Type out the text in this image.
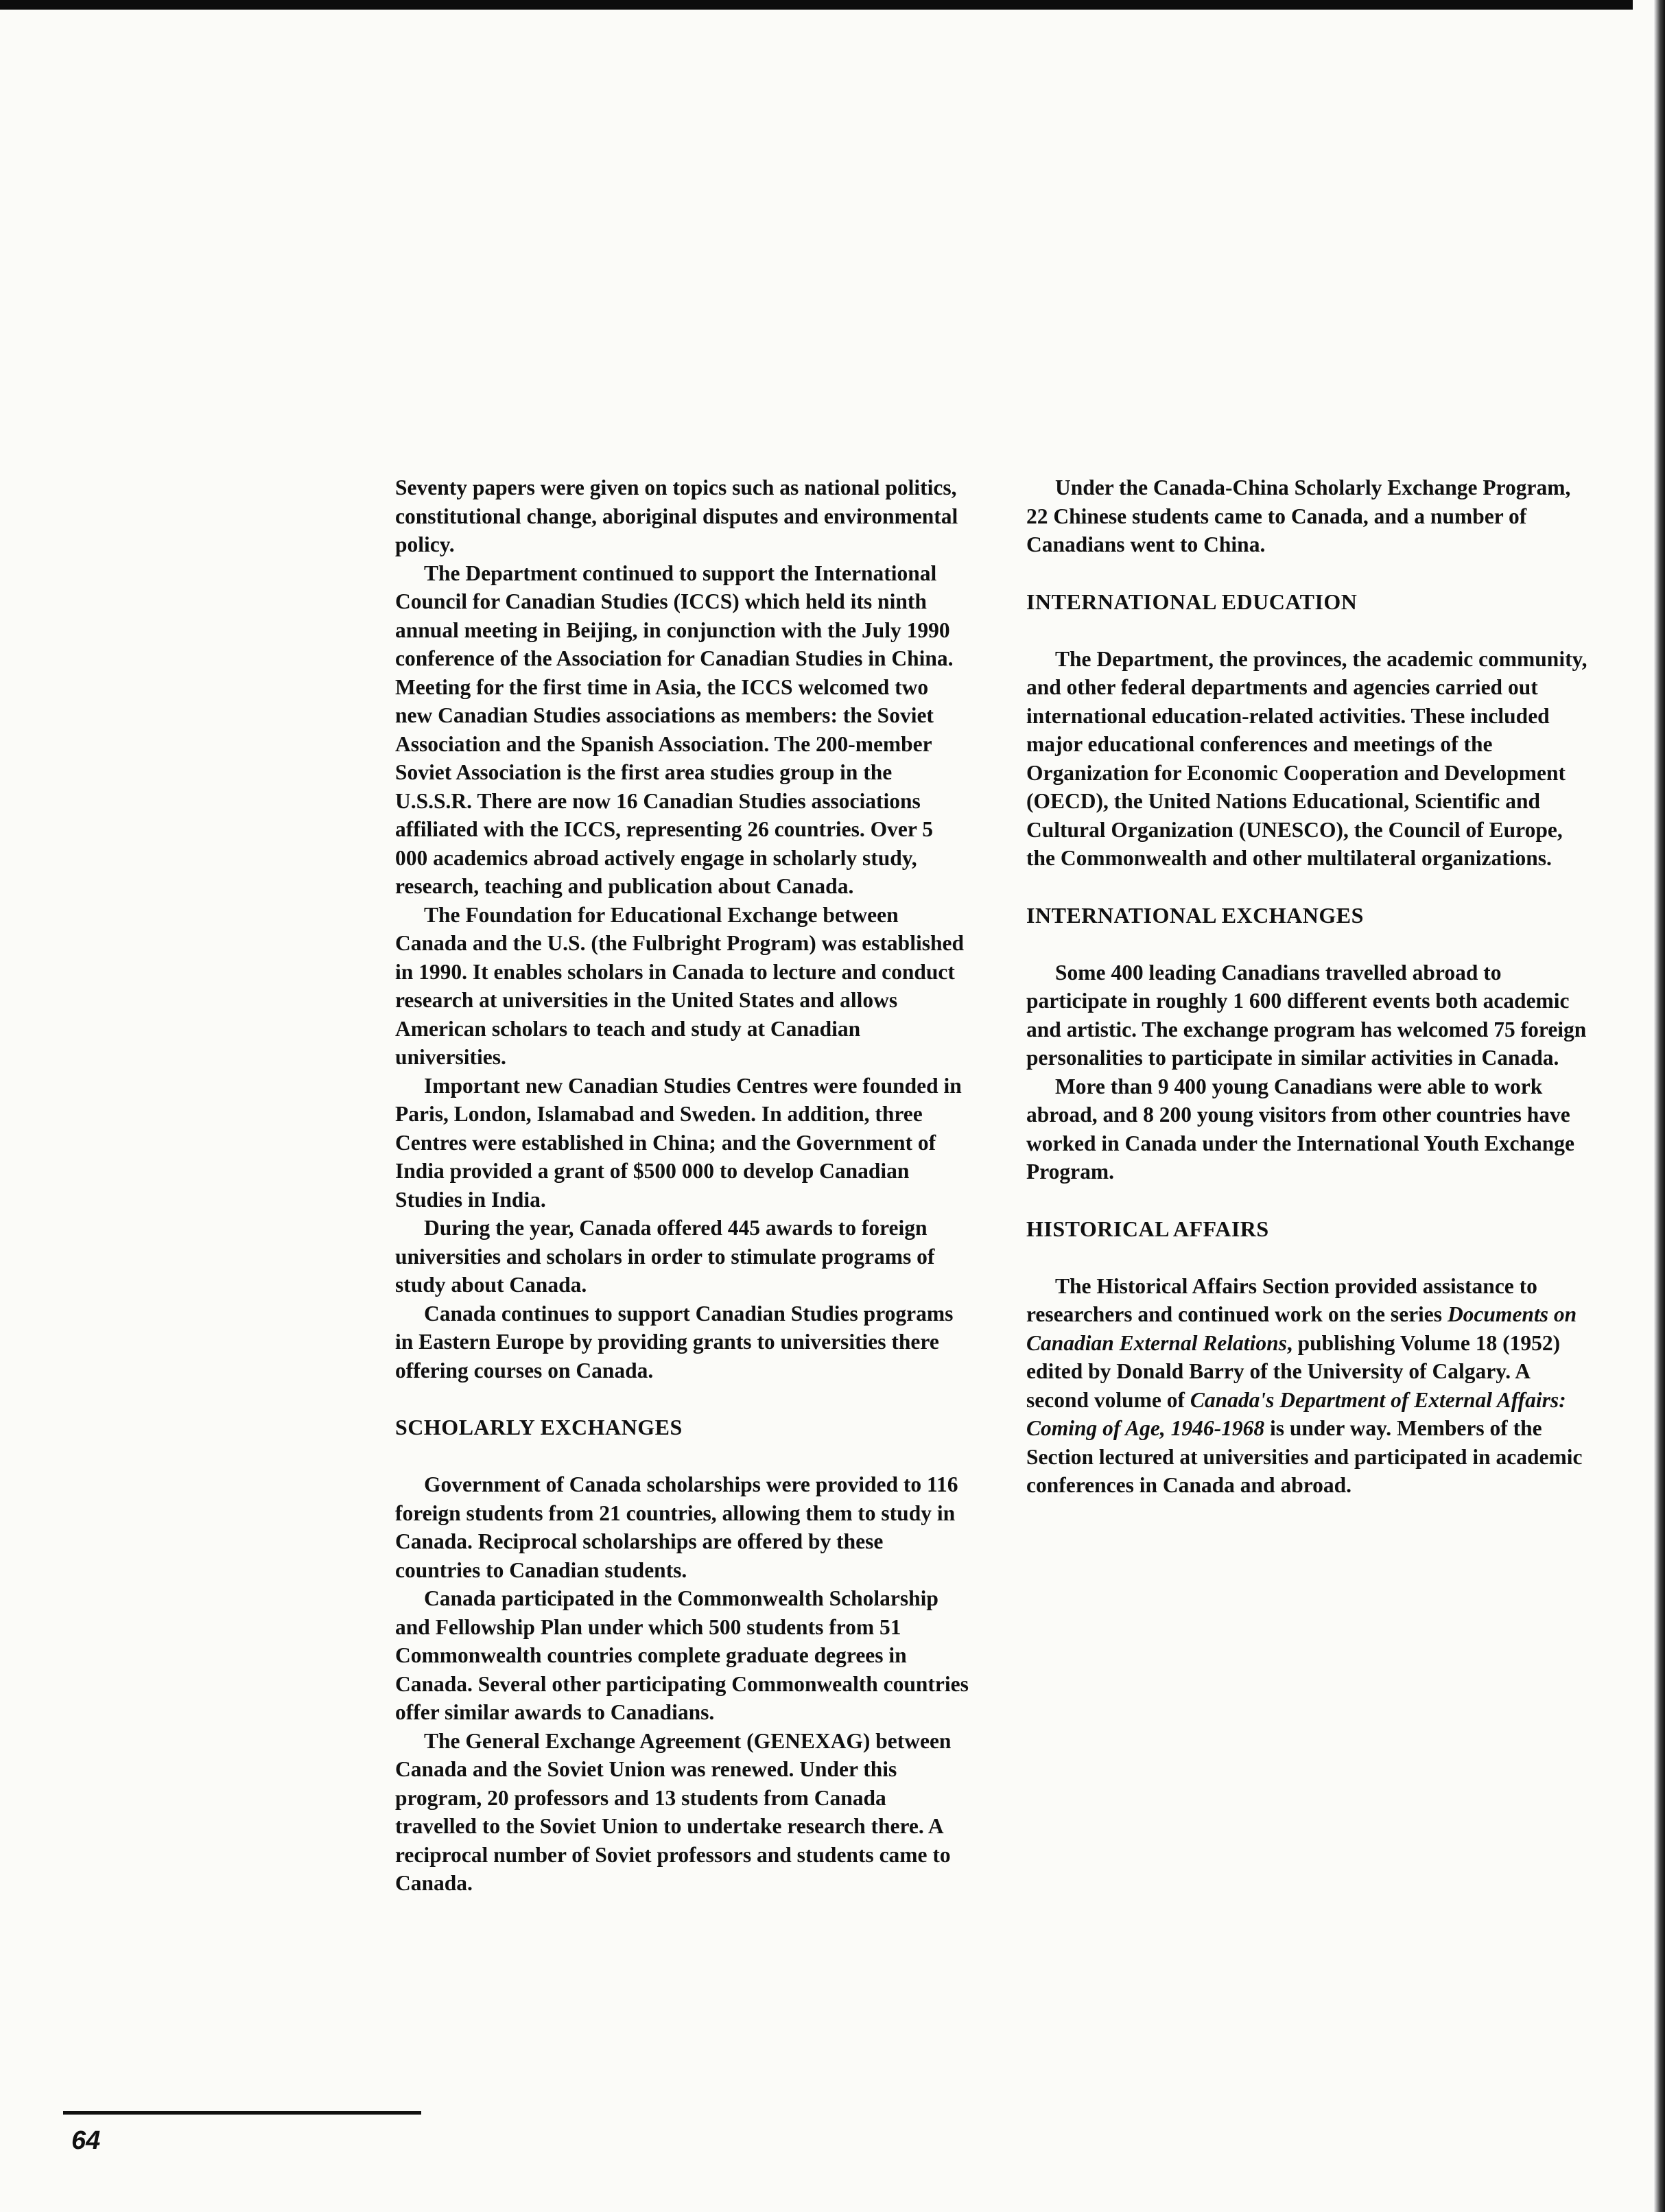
Seventy papers were given on topics such as national politics, constitutional change, aboriginal disputes and environmental policy.

The Department continued to support the International Council for Canadian Studies (ICCS) which held its ninth annual meeting in Beijing, in conjunction with the July 1990 conference of the Association for Canadian Studies in China. Meeting for the first time in Asia, the ICCS welcomed two new Canadian Studies associations as members: the Soviet Association and the Spanish Association. The 200-member Soviet Association is the first area studies group in the U.S.S.R. There are now 16 Canadian Studies associations affiliated with the ICCS, representing 26 countries. Over 5 000 academics abroad actively engage in scholarly study, research, teaching and publication about Canada.

The Foundation for Educational Exchange between Canada and the U.S. (the Fulbright Program) was established in 1990. It enables scholars in Canada to lecture and conduct research at universities in the United States and allows American scholars to teach and study at Canadian universities.

Important new Canadian Studies Centres were founded in Paris, London, Islamabad and Sweden. In addition, three Centres were established in China; and the Government of India provided a grant of $500 000 to develop Canadian Studies in India.

During the year, Canada offered 445 awards to foreign universities and scholars in order to stimulate programs of study about Canada.

Canada continues to support Canadian Studies programs in Eastern Europe by providing grants to universities there offering courses on Canada.

SCHOLARLY EXCHANGES

Government of Canada scholarships were provided to 116 foreign students from 21 countries, allowing them to study in Canada. Reciprocal scholarships are offered by these countries to Canadian students.

Canada participated in the Commonwealth Scholarship and Fellowship Plan under which 500 students from 51 Commonwealth countries complete graduate degrees in Canada. Several other participating Commonwealth countries offer similar awards to Canadians.

The General Exchange Agreement (GENEXAG) between Canada and the Soviet Union was renewed. Under this program, 20 professors and 13 students from Canada travelled to the Soviet Union to undertake research there. A reciprocal number of Soviet professors and students came to Canada.

Under the Canada-China Scholarly Exchange Program, 22 Chinese students came to Canada, and a number of Canadians went to China.

INTERNATIONAL EDUCATION

The Department, the provinces, the academic community, and other federal departments and agencies carried out international education-related activities. These included major educational conferences and meetings of the Organization for Economic Cooperation and Development (OECD), the United Nations Educational, Scientific and Cultural Organization (UNESCO), the Council of Europe, the Commonwealth and other multilateral organizations.

INTERNATIONAL EXCHANGES

Some 400 leading Canadians travelled abroad to participate in roughly 1 600 different events both academic and artistic. The exchange program has welcomed 75 foreign personalities to participate in similar activities in Canada.

More than 9 400 young Canadians were able to work abroad, and 8 200 young visitors from other countries have worked in Canada under the International Youth Exchange Program.

HISTORICAL AFFAIRS

The Historical Affairs Section provided assistance to researchers and continued work on the series Documents on Canadian External Relations, publishing Volume 18 (1952) edited by Donald Barry of the University of Calgary. A second volume of Canada's Department of External Affairs: Coming of Age, 1946-1968 is under way. Members of the Section lectured at universities and participated in academic conferences in Canada and abroad.

64
